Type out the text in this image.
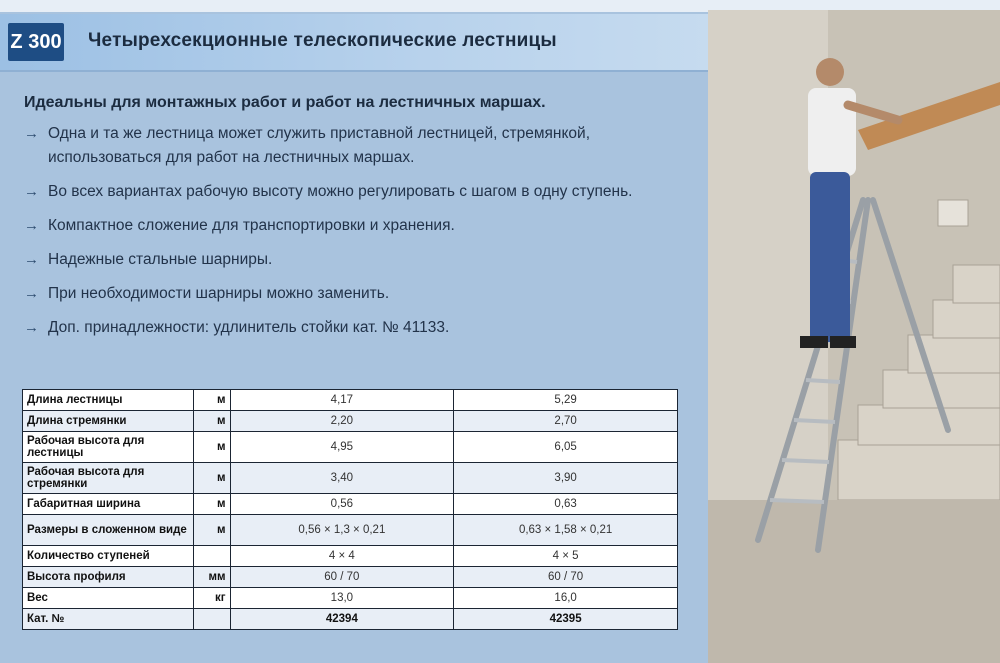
Z 300 Четырехсекционные телескопические лестницы
Идеальны для монтажных работ и работ на лестничных маршах.
→ Одна и та же лестница может служить приставной лестницей, стремянкой, использоваться для работ на лестничных маршах.
→ Во всех вариантах рабочую высоту можно регулировать с шагом в одну ступень.
→ Компактное сложение для транспортировки и хранения.
→ Надежные стальные шарниры.
→ При необходимости шарниры можно заменить.
→ Доп. принадлежности: удлинитель стойки кат. № 41133.
Длина лестницы	м	4,17	5,29
Длина стремянки	м	2,20	2,70
Рабочая высота для лестницы	м	4,95	6,05
Рабочая высота для стремянки	м	3,40	3,90
Габаритная ширина	м	0,56	0,63
Размеры в сложенном виде	м	0,56 × 1,3 × 0,21	0,63 × 1,58 × 0,21
Количество ступеней		4 × 4	4 × 5
Высота профиля	мм	60 / 70	60 / 70
Вес	кг	13,0	16,0
Кат. №		42394	42395
